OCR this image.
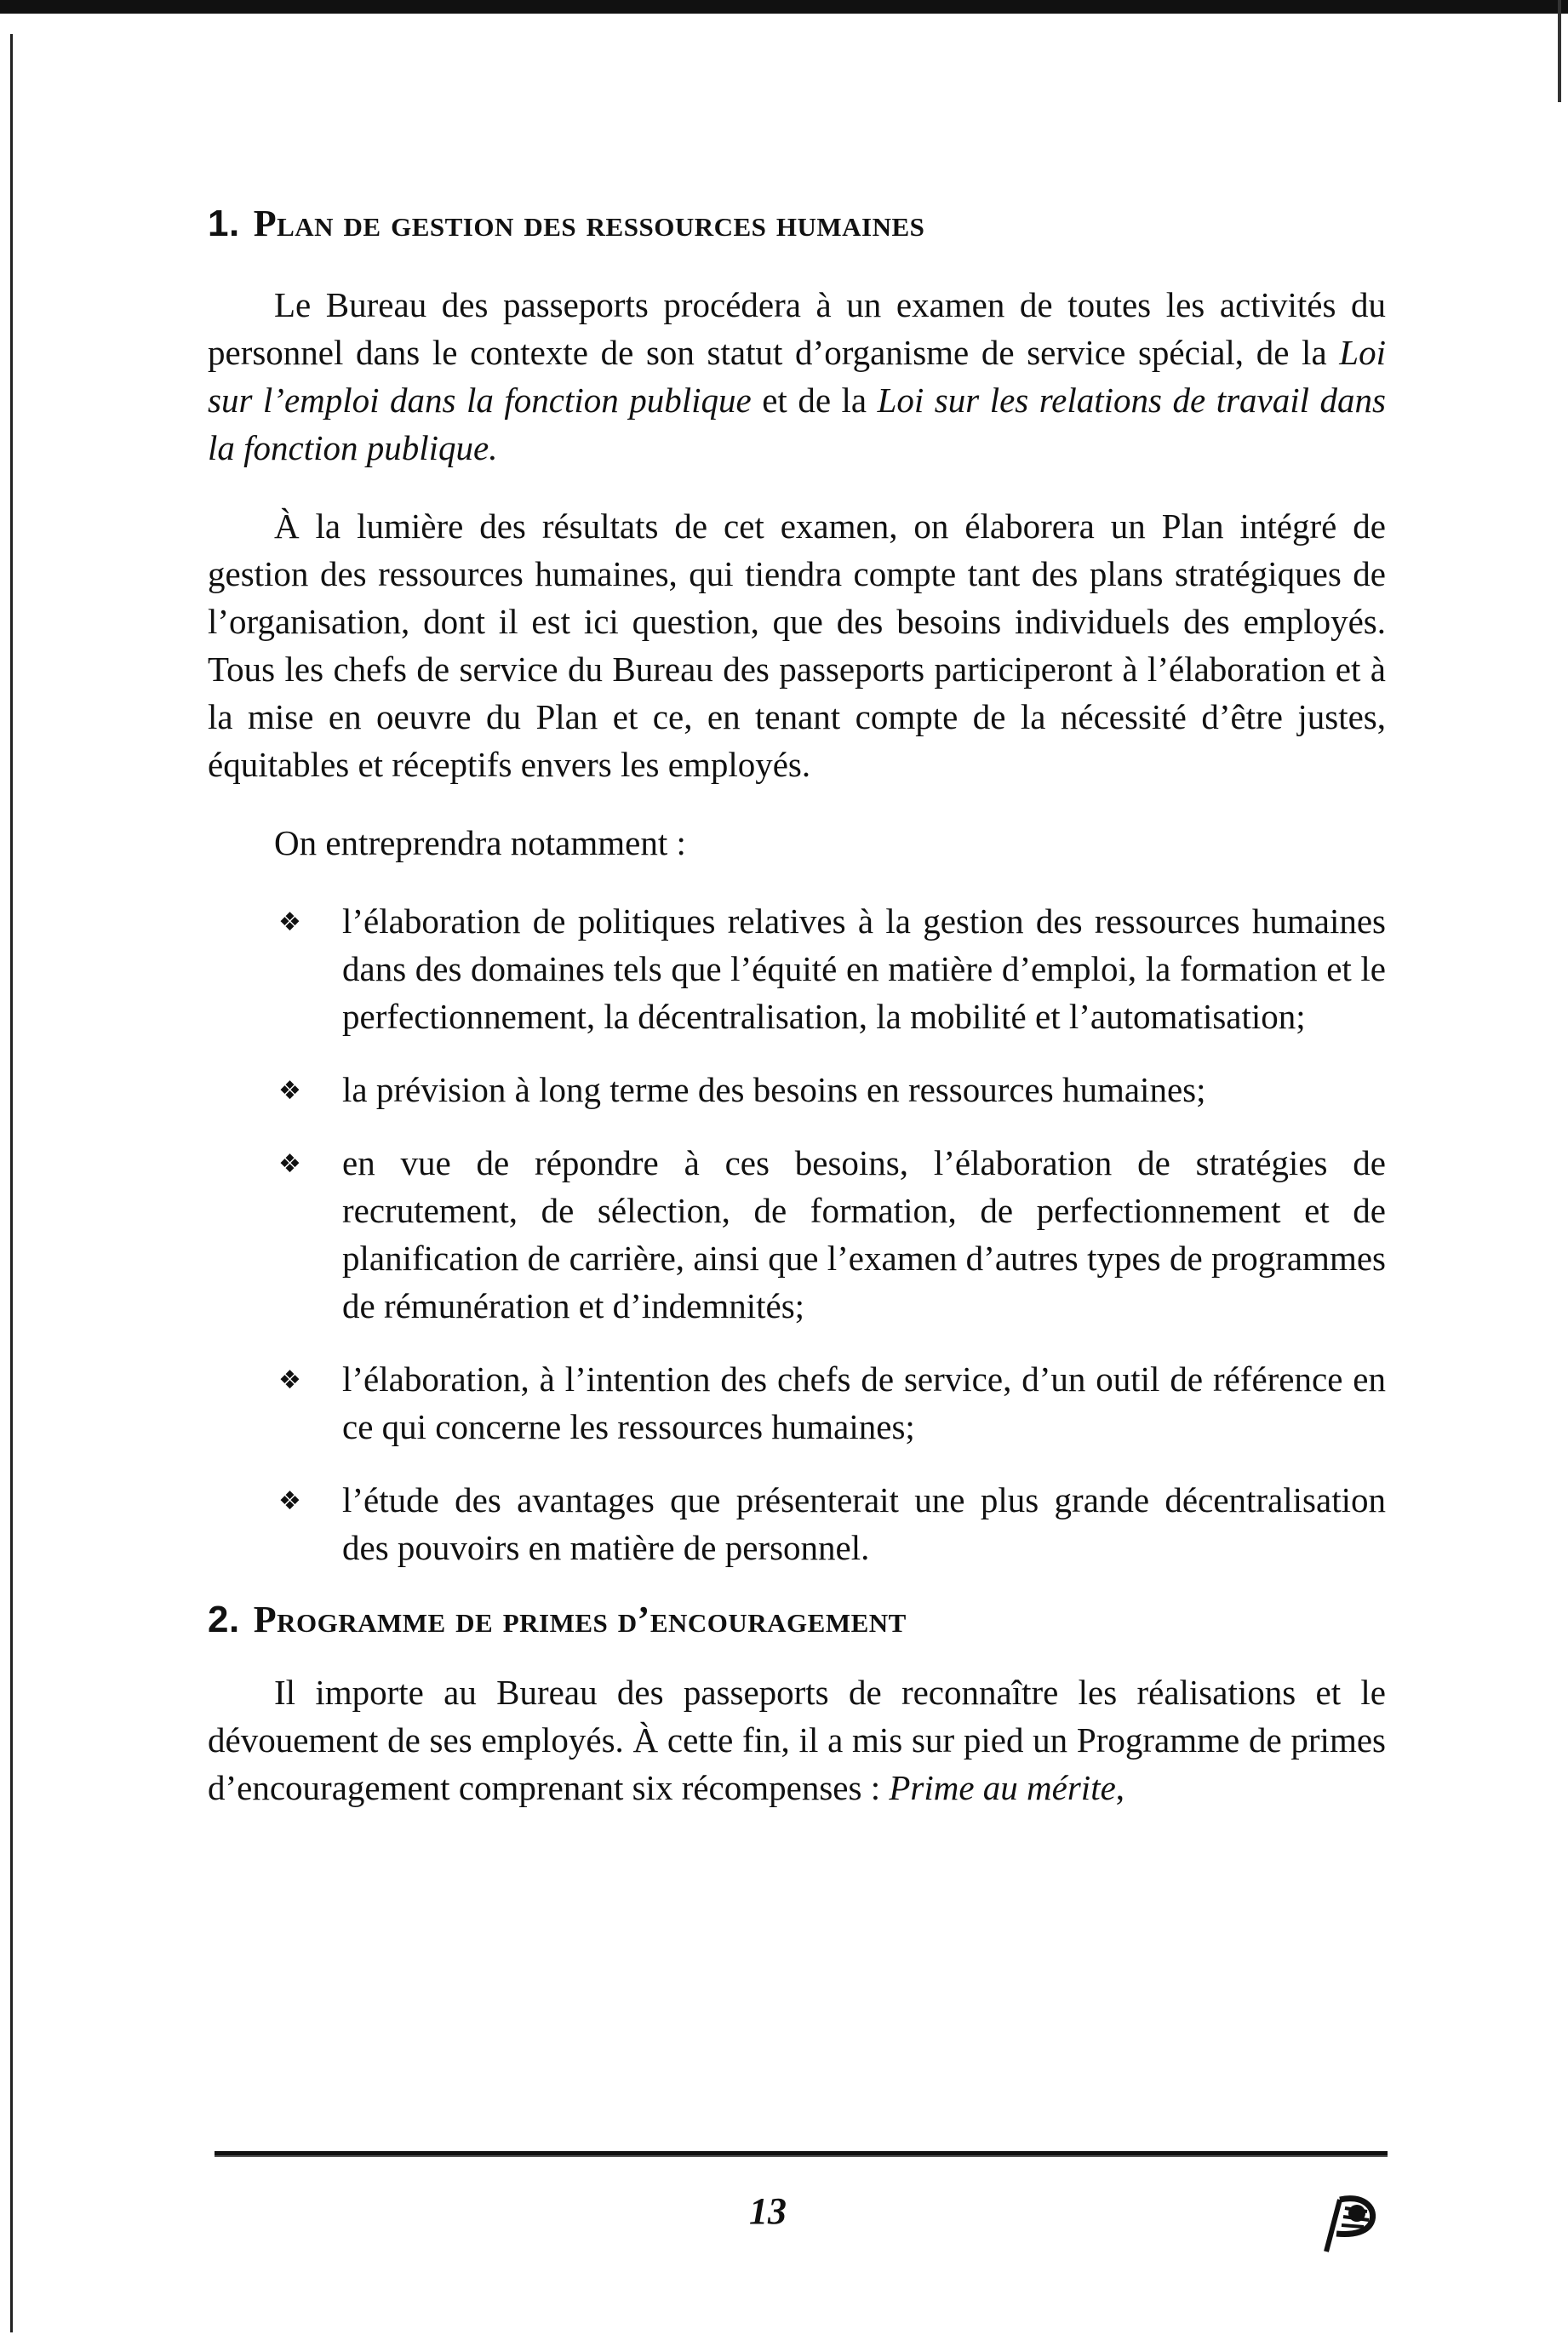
1. Plan de gestion des ressources humaines

Le Bureau des passeports procédera à un examen de toutes les activités du personnel dans le contexte de son statut d’organisme de service spécial, de la Loi sur l’emploi dans la fonction publique et de la Loi sur les relations de travail dans la fonction publique.

À la lumière des résultats de cet examen, on élaborera un Plan intégré de gestion des ressources humaines, qui tiendra compte tant des plans stratégiques de l’organisation, dont il est ici question, que des besoins individuels des employés. Tous les chefs de service du Bureau des passeports participeront à l’élaboration et à la mise en oeuvre du Plan et ce, en tenant compte de la nécessité d’être justes, équitables et réceptifs envers les employés.

On entreprendra notamment :

❖ l’élaboration de politiques relatives à la gestion des ressources humaines dans des domaines tels que l’équité en matière d’emploi, la formation et le perfectionnement, la décentralisation, la mobilité et l’automatisation;
❖ la prévision à long terme des besoins en ressources humaines;
❖ en vue de répondre à ces besoins, l’élaboration de stratégies de recrutement, de sélection, de formation, de perfectionnement et de planification de carrière, ainsi que l’examen d’autres types de programmes de rémunération et d’indemnités;
❖ l’élaboration, à l’intention des chefs de service, d’un outil de référence en ce qui concerne les ressources humaines;
❖ l’étude des avantages que présenterait une plus grande décentralisation des pouvoirs en matière de personnel.
2. Programme de primes d’encouragement

Il importe au Bureau des passeports de reconnaître les réalisations et le dévouement de ses employés. À cette fin, il a mis sur pied un Programme de primes d’encouragement comprenant six récompenses : Prime au mérite,

13
